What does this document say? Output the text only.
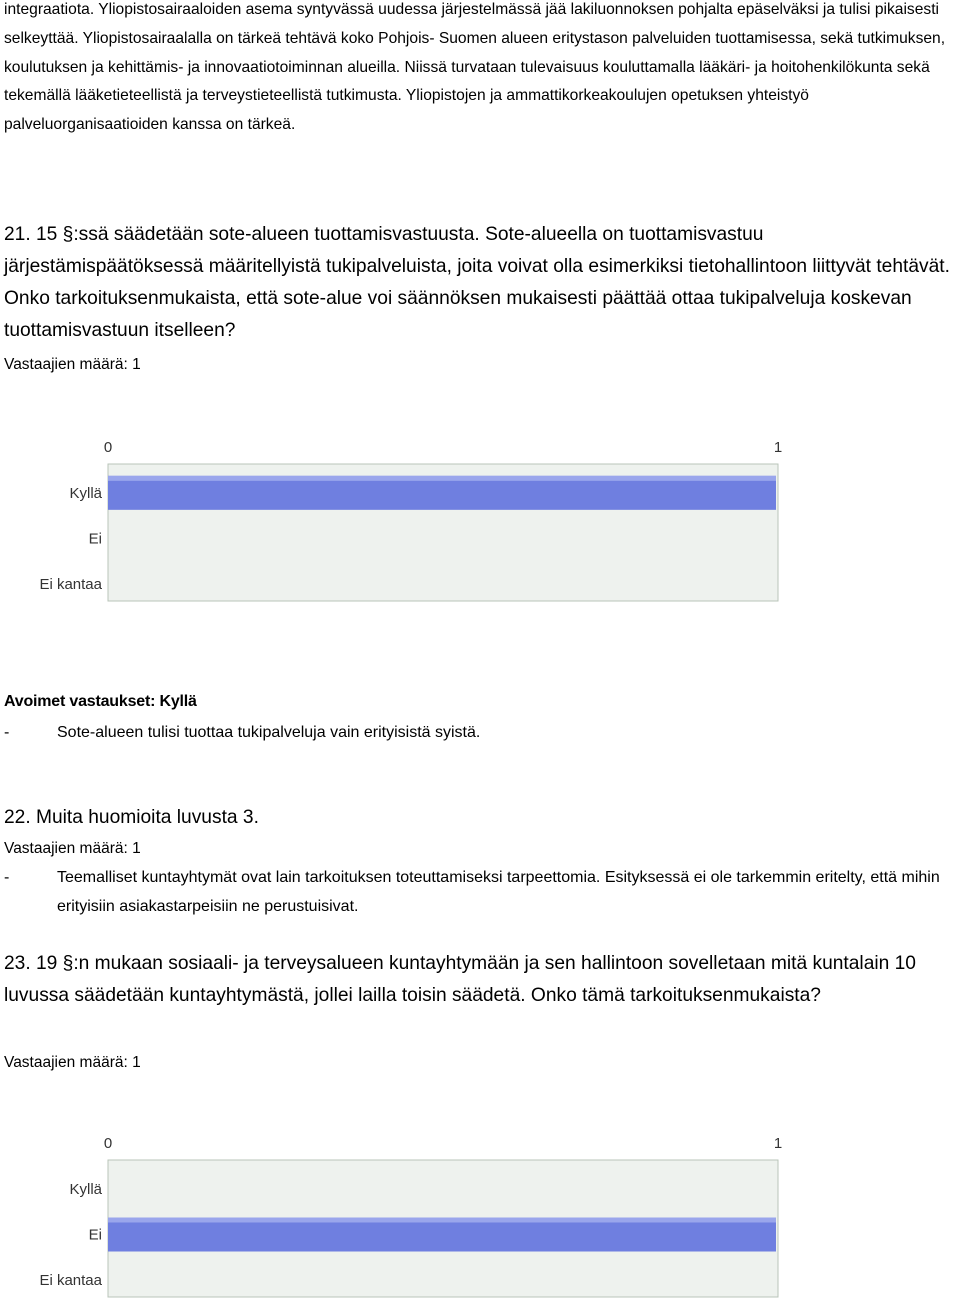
integraatiota. Yliopistosairaaloiden asema syntyvässä uudessa järjestelmässä jää lakiluonnoksen pohjalta epäselväksi ja tulisi pikaisesti selkeyttää. Yliopistosairaalalla on tärkeä tehtävä koko Pohjois- Suomen alueen eritystason palveluiden tuottamisessa, sekä tutkimuksen, koulutuksen ja kehittämis- ja innovaatiotoiminnan alueilla. Niissä turvataan tulevaisuus kouluttamalla lääkäri- ja hoitohenkilökunta sekä tekemällä lääketieteellistä ja terveystieteellistä tutkimusta. Yliopistojen ja ammattikorkeakoulujen opetuksen yhteistyö palveluorganisaatioiden kanssa on tärkeä.
21. 15 §:ssä säädetään sote-alueen tuottamisvastuusta. Sote-alueella on tuottamisvastuu järjestämispäätöksessä määritellyistä tukipalveluista, joita voivat olla esimerkiksi tietohallintoon liittyvät tehtävät. Onko tarkoituksenmukaista, että sote-alue voi säännöksen mukaisesti päättää ottaa tukipalveluja koskevan tuottamisvastuun itselleen?
Vastaajien määrä: 1
0	1
Kyllä
Ei
Ei kantaa
Avoimet vastaukset: Kyllä
-	Sote-alueen tulisi tuottaa tukipalveluja vain erityisistä syistä.
22. Muita huomioita luvusta 3.
Vastaajien määrä: 1
-	Teemalliset kuntayhtymät ovat lain tarkoituksen toteuttamiseksi tarpeettomia. Esityksessä ei ole tarkemmin eritelty, että mihin erityisiin asiakastarpeisiin ne perustuisivat.
23. 19 §:n mukaan sosiaali- ja terveysalueen kuntayhtymään ja sen hallintoon sovelletaan mitä kuntalain 10 luvussa säädetään kuntayhtymästä, jollei lailla toisin säädetä. Onko tämä tarkoituksenmukaista?
Vastaajien määrä: 1
0	1
Kyllä
Ei
Ei kantaa
